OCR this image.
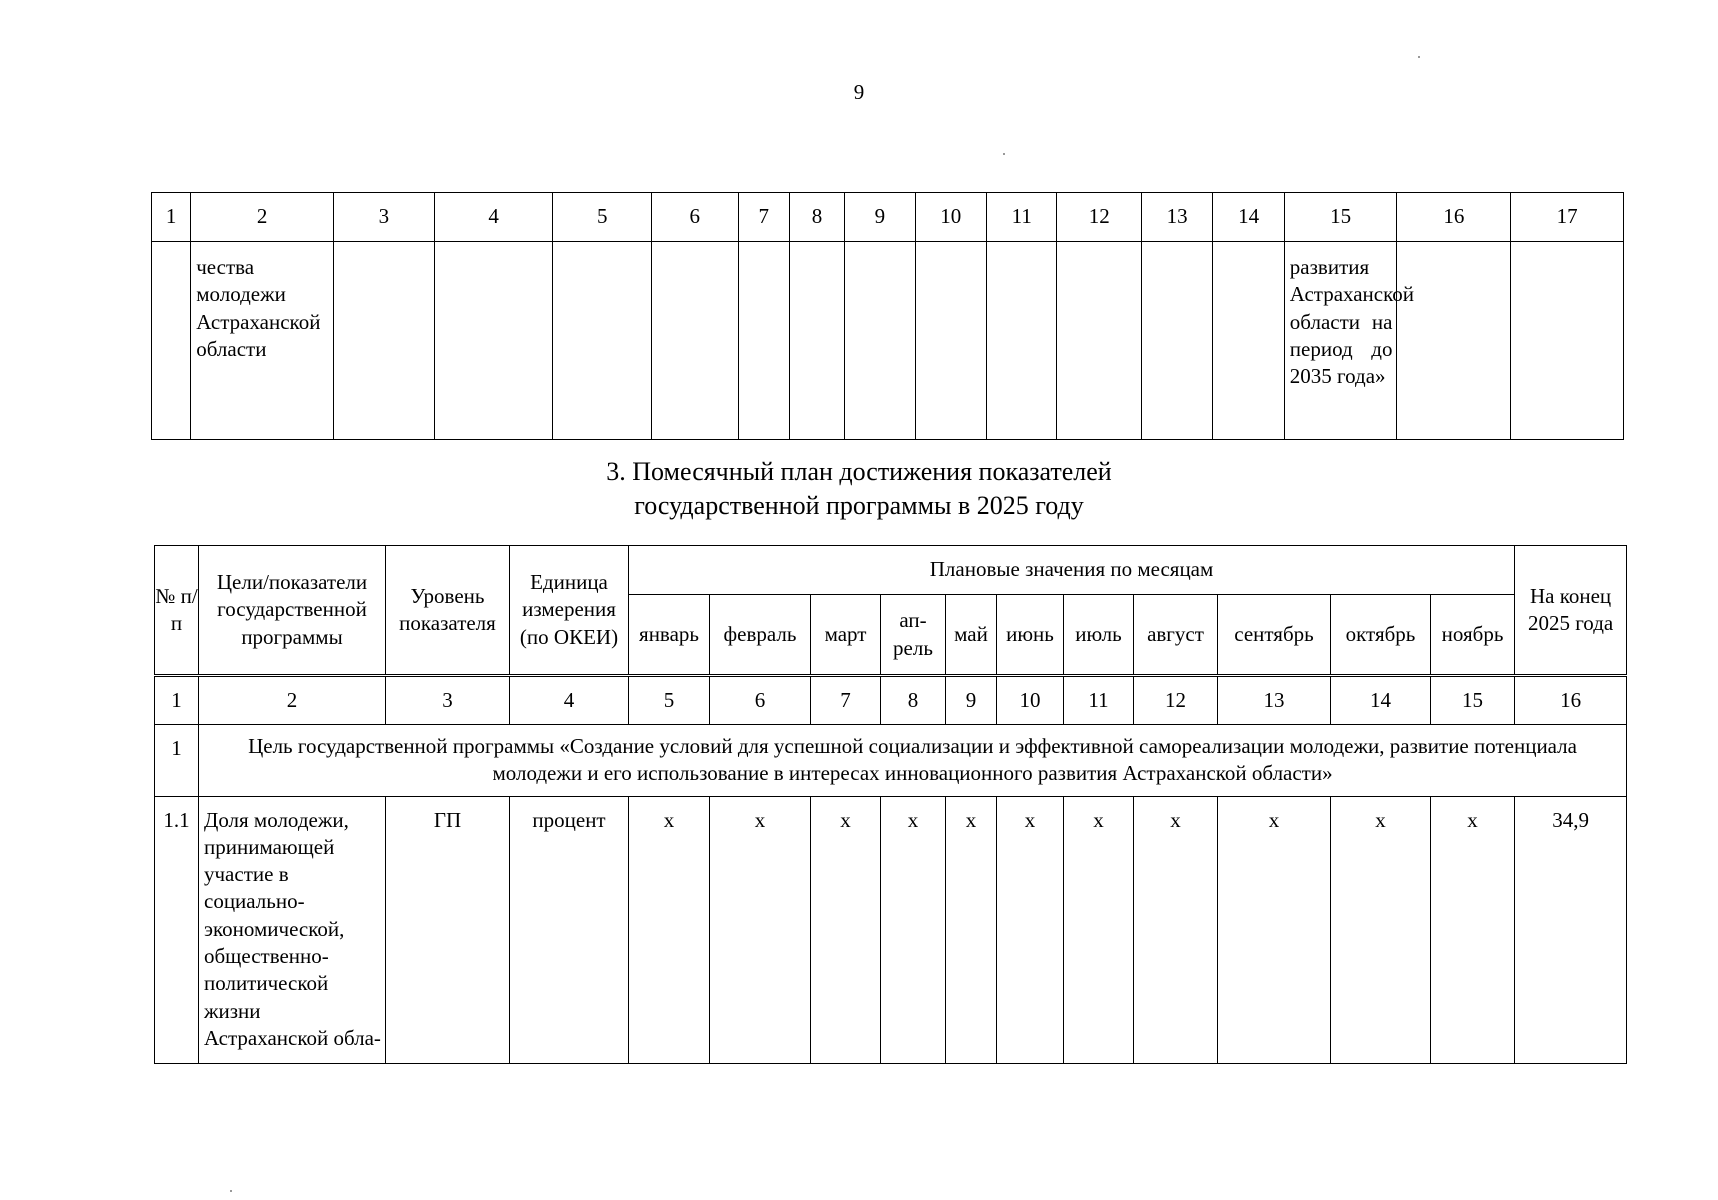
9
1	2	3	4	5	6	7	8	9	10	11	12	13	14	15	16	17
	чества молодежи Астраханской области													развития Астраханской области на период до 2035 года»		
3. Помесячный план достижения показателей
государственной программы в 2025 году
№ п/п	Цели/показатели государственной программы	Уровень показателя	Единица измерения (по ОКЕИ)	Плановые значения по месяцам											На конец 2025 года
				январь	февраль	март	ап-рель	май	июнь	июль	август	сентябрь	октябрь	ноябрь	
1	2	3	4	5	6	7	8	9	10	11	12	13	14	15	16
1	Цель государственной программы «Создание условий для успешной социализации и эффективной самореализации молодежи, развитие потенциала молодежи и его использование в интересах инновационного развития Астраханской области»														
1.1	Доля молодежи, принимающей участие в социально-экономической, общественно-политической жизни Астраханской обла-	ГП	процент	х	х	х	х	х	х	х	х	х	х	х	34,9
